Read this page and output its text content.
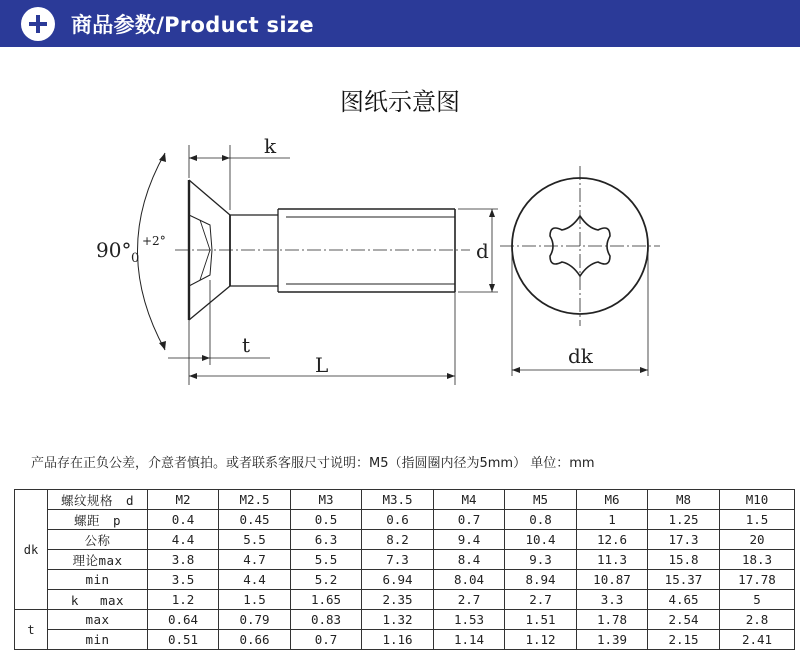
商品参数/Product size
图纸示意图
k
90° +2°
0	d
t
L	dk
产品存在正负公差，介意者慎拍。或者联系客服尺寸说明：M5（指圆圈内径为5mm） 单位：mm
dk	螺纹规格　d	M2	M2.5	M3	M3.5	M4	M5	M6	M8	M10
	螺距　p	0.4	0.45	0.5	0.6	0.7	0.8	1	1.25	1.5
	公称	4.4	5.5	6.3	8.2	9.4	10.4	12.6	17.3	20
	理论max	3.8	4.7	5.5	7.3	8.4	9.3	11.3	15.8	18.3
	min	3.5	4.4	5.2	6.94	8.04	8.94	10.87	15.37	17.78
	k　 max	1.2	1.5	1.65	2.35	2.7	2.7	3.3	4.65	5
t	max	0.64	0.79	0.83	1.32	1.53	1.51	1.78	2.54	2.8
	min	0.51	0.66	0.7	1.16	1.14	1.12	1.39	2.15	2.41
